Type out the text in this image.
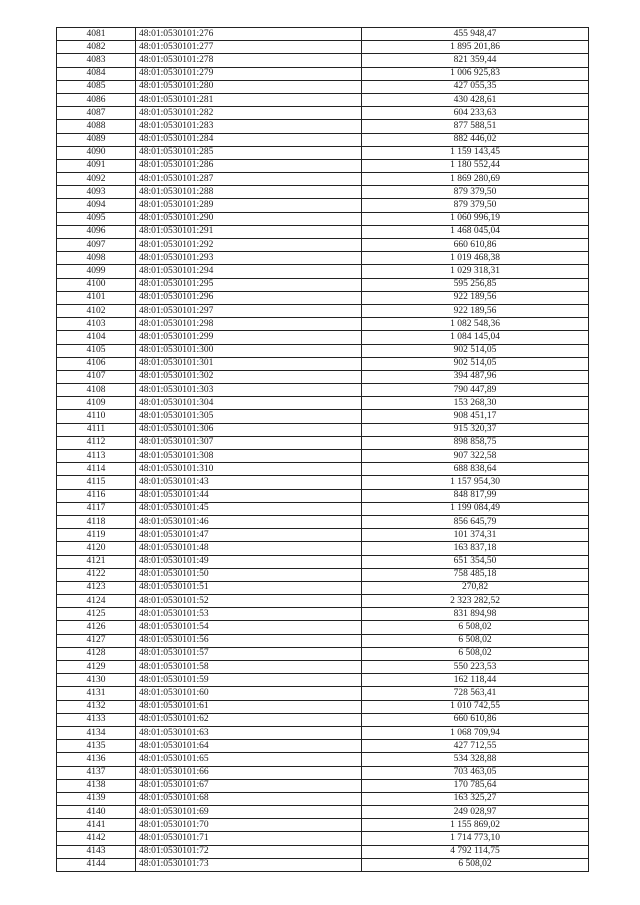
4081	48:01:0530101:276	455 948,47
4082	48:01:0530101:277	1 895 201,86
4083	48:01:0530101:278	821 359,44
4084	48:01:0530101:279	1 006 925,83
4085	48:01:0530101:280	427 055,35
4086	48:01:0530101:281	430 428,61
4087	48:01:0530101:282	604 233,63
4088	48:01:0530101:283	877 588,51
4089	48:01:0530101:284	882 446,02
4090	48:01:0530101:285	1 159 143,45
4091	48:01:0530101:286	1 180 552,44
4092	48:01:0530101:287	1 869 280,69
4093	48:01:0530101:288	879 379,50
4094	48:01:0530101:289	879 379,50
4095	48:01:0530101:290	1 060 996,19
4096	48:01:0530101:291	1 468 045,04
4097	48:01:0530101:292	660 610,86
4098	48:01:0530101:293	1 019 468,38
4099	48:01:0530101:294	1 029 318,31
4100	48:01:0530101:295	595 256,85
4101	48:01:0530101:296	922 189,56
4102	48:01:0530101:297	922 189,56
4103	48:01:0530101:298	1 082 548,36
4104	48:01:0530101:299	1 084 145,04
4105	48:01:0530101:300	902 514,05
4106	48:01:0530101:301	902 514,05
4107	48:01:0530101:302	394 487,96
4108	48:01:0530101:303	790 447,89
4109	48:01:0530101:304	153 268,30
4110	48:01:0530101:305	908 451,17
4111	48:01:0530101:306	915 320,37
4112	48:01:0530101:307	898 858,75
4113	48:01:0530101:308	907 322,58
4114	48:01:0530101:310	688 838,64
4115	48:01:0530101:43	1 157 954,30
4116	48:01:0530101:44	848 817,99
4117	48:01:0530101:45	1 199 084,49
4118	48:01:0530101:46	856 645,79
4119	48:01:0530101:47	101 374,31
4120	48:01:0530101:48	163 837,18
4121	48:01:0530101:49	651 354,50
4122	48:01:0530101:50	758 485,18
4123	48:01:0530101:51	270,82
4124	48:01:0530101:52	2 323 282,52
4125	48:01:0530101:53	831 894,98
4126	48:01:0530101:54	6 508,02
4127	48:01:0530101:56	6 508,02
4128	48:01:0530101:57	6 508,02
4129	48:01:0530101:58	550 223,53
4130	48:01:0530101:59	162 118,44
4131	48:01:0530101:60	728 563,41
4132	48:01:0530101:61	1 010 742,55
4133	48:01:0530101:62	660 610,86
4134	48:01:0530101:63	1 068 709,94
4135	48:01:0530101:64	427 712,55
4136	48:01:0530101:65	534 328,88
4137	48:01:0530101:66	703 463,05
4138	48:01:0530101:67	170 785,64
4139	48:01:0530101:68	163 325,27
4140	48:01:0530101:69	249 028,97
4141	48:01:0530101:70	1 155 869,02
4142	48:01:0530101:71	1 714 773,10
4143	48:01:0530101:72	4 792 114,75
4144	48:01:0530101:73	6 508,02
